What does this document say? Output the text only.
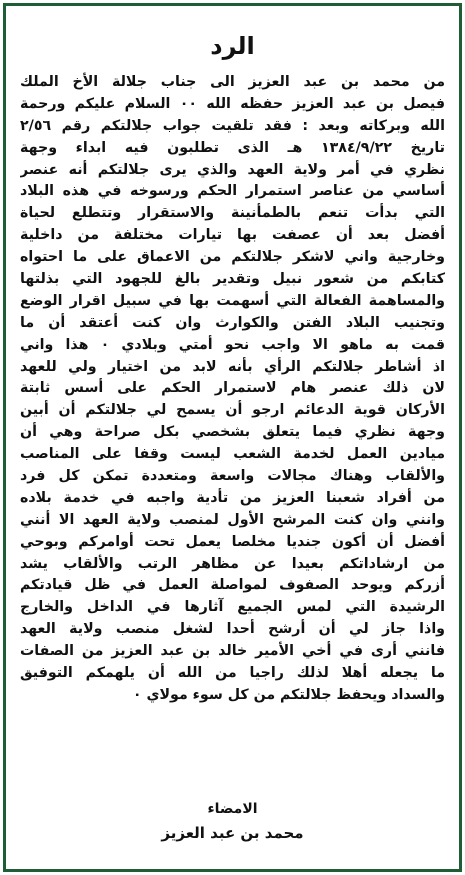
الرد
من محمد بن عبد العزيز الى جناب جلالة الأخ الملك
فيصل بن عبد العزيز حفظه الله ٠٠ السلام عليكم ورحمة
الله وبركاته وبعد : فقد تلقيت جواب جلالتكم رقم ٢/٥٦
تاريخ ١٣٨٤/٩/٢٢ هـ الذى تطلبون فيه ابداء وجهة
نظري في أمر ولاية العهد والذي يرى جلالتكم أنه عنصر
أساسي من عناصر استمرار الحكم ورسوخه في هذه البلاد
التي بدأت تنعم بالطمأنينة والاستقرار وتتطلع لحياة
أفضل بعد أن عصفت بها تيارات مختلفة من داخلية
وخارجية واني لاشكر جلالتكم من الاعماق على ما احتواه
كتابكم من شعور نبيل وتقدير بالغ للجهود التي بذلتها
والمساهمة الفعالة التي أسهمت بها في سبيل اقرار الوضع
وتجنيب البلاد الفتن والكوارث وان كنت أعتقد أن ما
قمت به ماهو الا واجب نحو أمتي وبلادي ٠ هذا واني
اذ أشاطر جلالتكم الرأي بأنه لابد من اختيار ولي للعهد
لان ذلك عنصر هام لاستمرار الحكم على أسس ثابتة
الأركان قوية الدعائم ارجو أن يسمح لي جلالتكم أن أبين
وجهة نظري فيما يتعلق بشخصي بكل صراحة وهي أن
ميادين العمل لخدمة الشعب ليست وقفا على المناصب
والألقاب وهناك مجالات واسعة ومتعددة تمكن كل فرد
من أفراد شعبنا العزيز من تأدية واجبه في خدمة بلاده
وانني وان كنت المرشح الأول لمنصب ولاية العهد الا أنني
أفضل أن أكون جنديا مخلصا يعمل تحت أوامركم وبوحي
من ارشاداتكم بعيدا عن مظاهر الرتب والألقاب يشد
أزركم ويوحد الصفوف لمواصلة العمل في ظل قيادتكم
الرشيدة التي لمس الجميع آثارها في الداخل والخارج
واذا جاز لي أن أرشح أحدا لشغل منصب ولاية العهد
فانني أرى في أخي الأمير خالد بن عبد العزيز من الصفات
ما يجعله أهلا لذلك راجيا من الله أن يلهمكم التوفيق
والسداد ويحفظ جلالتكم من كل سوء مولاي ٠
الامضاء
محمد بن عبد العزيز
